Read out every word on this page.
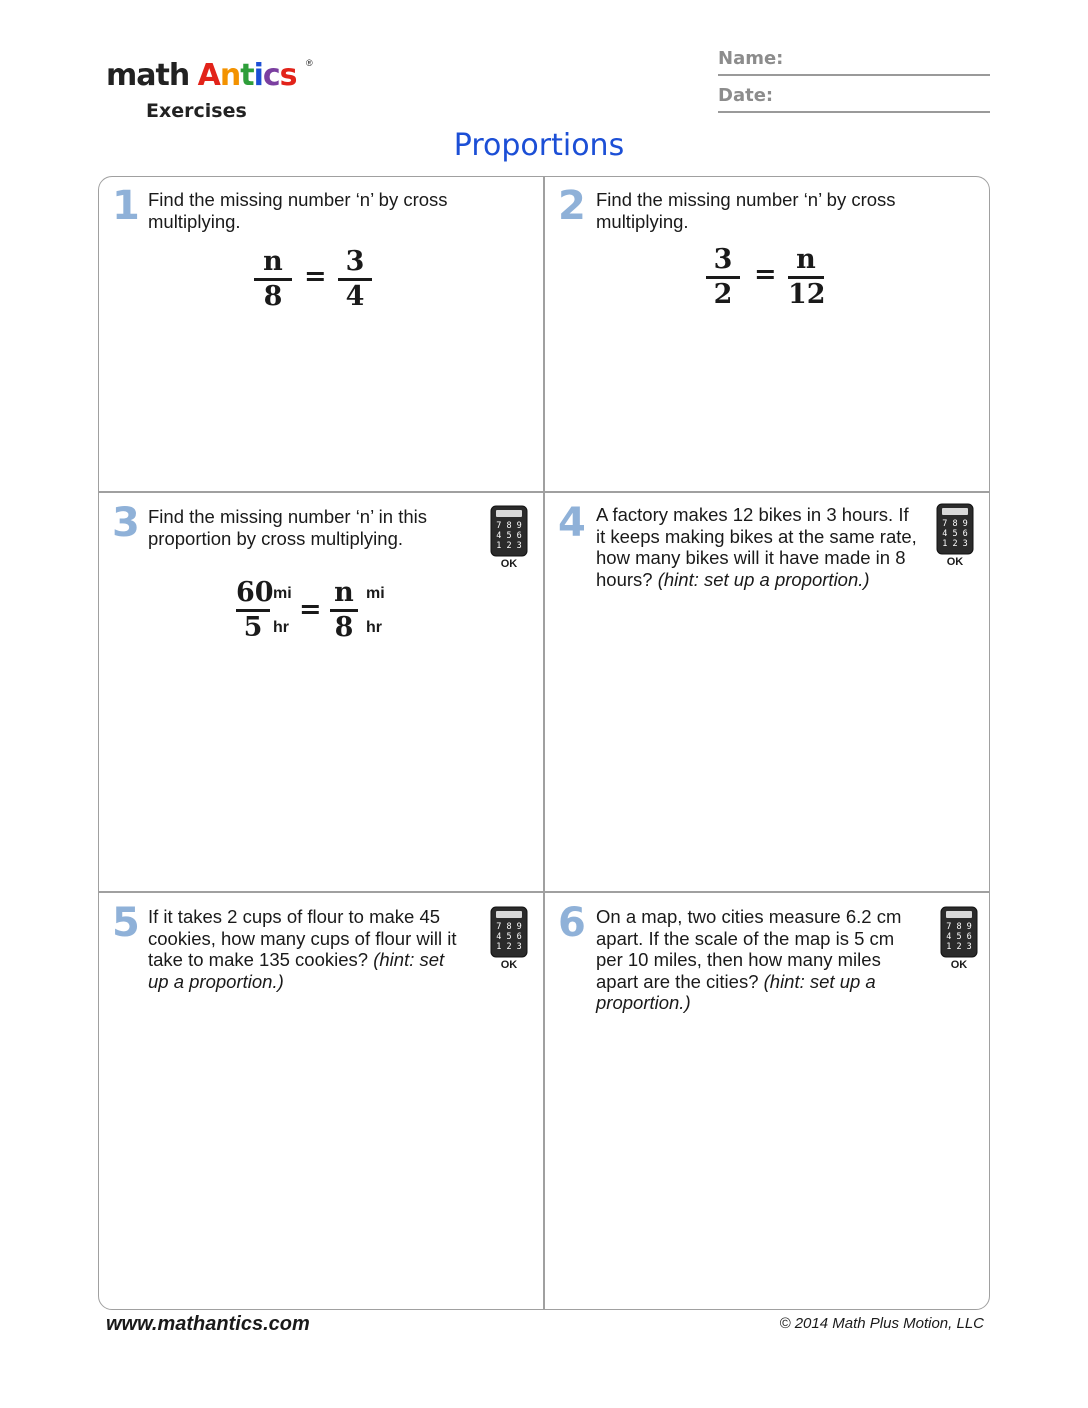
math Antics ®
Exercises
Name:
Date:
Proportions
1 Find the missing number ‘n’ by cross multiplying.
n
8
= 3
4
2 Find the missing number ‘n’ by cross multiplying.
3
2
= n
12
3 Find the missing number ‘n’ in this proportion by cross multiplying.
60
5
mi
hr
=
n
8
mi
hr
4 A factory makes 12 bikes in 3 hours. If it keeps making bikes at the same rate, how many bikes will it have made in 8 hours? (hint: set up a proportion.)
5 If it takes 2 cups of flour to make 45 cookies, how many cups of flour will it take to make 135 cookies? (hint: set up a proportion.)
6 On a map, two cities measure 6.2 cm apart. If the scale of the map is 5 cm per 10 miles, then how many miles apart are the cities? (hint: set up a proportion.)
7 8 9
4 5 6
1 2 3
OK
7 8 9
4 5 6
1 2 3
OK
7 8 9
4 5 6
1 2 3
OK
7 8 9
4 5 6
1 2 3
OK
www.mathantics.com	© 2014 Math Plus Motion, LLC
